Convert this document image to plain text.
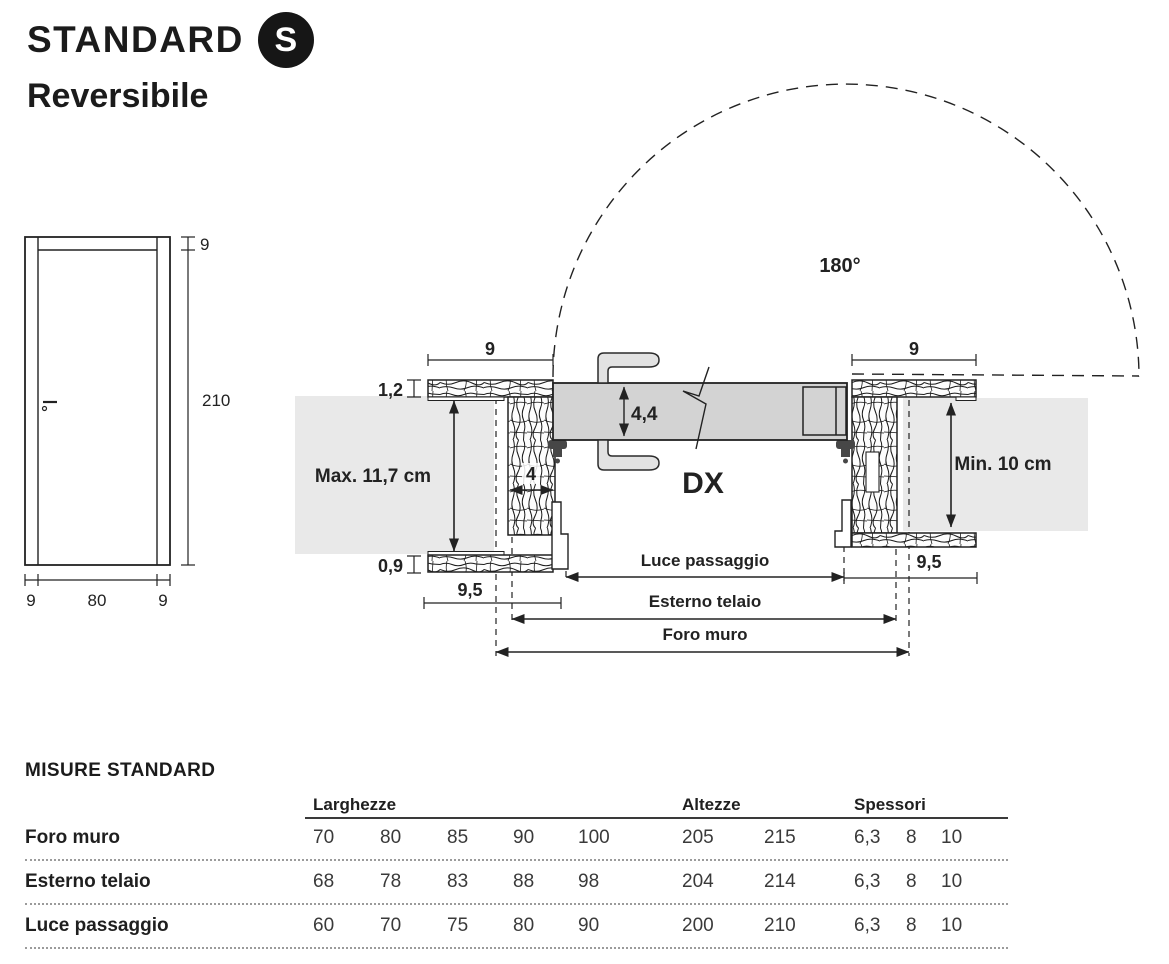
STANDARD S
Reversibile
9
210
9	80	9
180°
Max. 11,7 cm
Min. 10 cm
4
4,4
DX
9	9
1,2
0,9
9,5
9,5
Luce passaggio
Esterno telaio
Foro muro
MISURE STANDARD
Larghezze	Altezze	Spessori
Foro muro	70	80	85	90	100	205	215	6,3	8	10
Esterno telaio	68	78	83	88	98	204	214	6,3	8	10
Luce passaggio	60	70	75	80	90	200	210	6,3	8	10
